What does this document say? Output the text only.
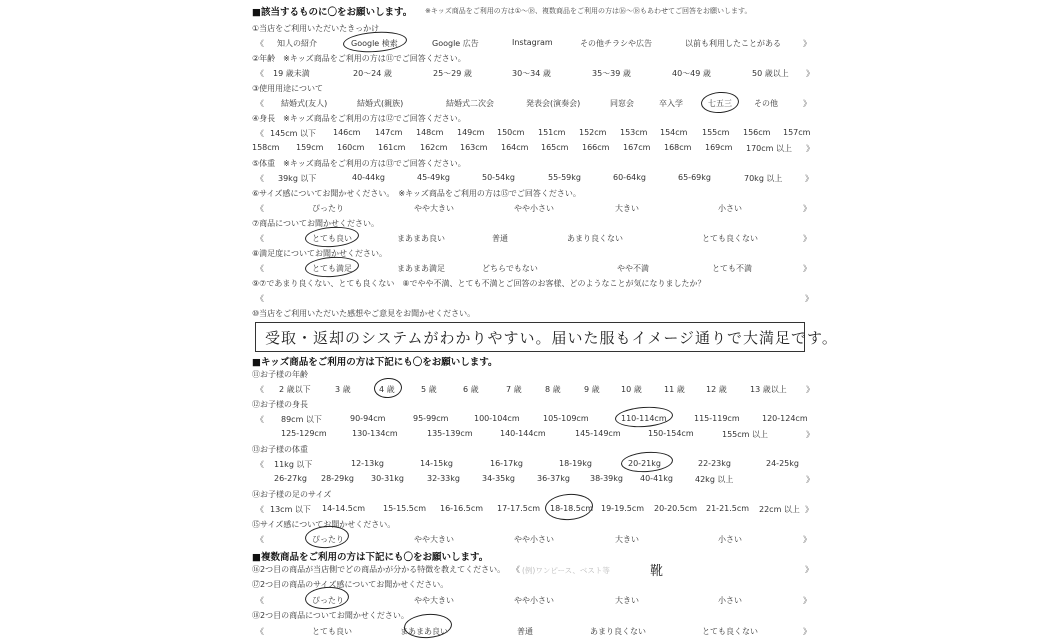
■該当するものに〇をお願いします。 ※キッズ商品をご利用の方は①〜⑱、複数商品をご利用の方は⑯〜⑱もあわせてご回答をお願いします。
①当店をご利用いただいたきっかけ
《 知人の紹介	Google 検索	Google 広告	Instagram	その他チラシや広告	以前も利用したことがある	》
②年齢　※キッズ商品をご利用の方は⑪でご回答ください。
《 19 歳未満	20〜24 歳	25〜29 歳	30〜34 歳	35〜39 歳	40〜49 歳	50 歳以上 》
③使用用途について
《 結婚式(友人)	結婚式(親族)	結婚式二次会	発表会(演奏会)	同窓会	卒入学	七五三	その他	》
④身長　※キッズ商品をご利用の方は⑫でご回答ください。
《 145cm 以下 146cm 147cm 148cm 149cm 150cm 151cm 152cm 153cm 154cm 155cm 156cm 157cm
158cm 159cm 160cm 161cm 162cm 163cm 164cm 165cm 166cm 167cm 168cm 169cm 170cm 以上 》
⑤体重　※キッズ商品をご利用の方は⑬でご回答ください。
《 39kg 以下	40-44kg	45-49kg	50-54kg	55-59kg	60-64kg	65-69kg	70kg 以上	》
⑥サイズ感についてお聞かせください。　※キッズ商品をご利用の方は⑮でご回答ください。
《	ぴったり	やや大きい	やや小さい	大きい	小さい	》
⑦商品についてお聞かせください。
《	とても良い	まあまあ良い	普通	あまり良くない	とても良くない	》
⑧満足度についてお聞かせください。
《	とても満足	まあまあ満足	どちらでもない	やや不満	とても不満	》
⑨⑦であまり良くない、とても良くない　⑧でやや不満、とても不満とご回答のお客様、どのようなことが気になりましたか？
《	》
⑩当店をご利用いただいた感想やご意見をお聞かせください。
受取・返却のシステムがわかりやすい。届いた服もイメージ通りで大満足です。
■キッズ商品をご利用の方は下記にも〇をお願いします。
⑪お子様の年齢
《 2 歳以下	3 歳	4 歳	5 歳	6 歳	7 歳	8 歳	9 歳	10 歳	11 歳	12 歳	13 歳以上 》
⑫お子様の身長
《 89cm 以下	90-94cm	95-99cm	100-104cm	105-109cm	110-114cm	115-119cm	120-124cm
125-129cm	130-134cm	135-139cm	140-144cm	145-149cm	150-154cm	155cm 以上	》
⑬お子様の体重
《 11kg 以下	12-13kg	14-15kg	16-17kg	18-19kg	20-21kg	22-23kg	24-25kg
26-27kg 28-29kg 30-31kg	32-33kg	34-35kg	36-37kg	38-39kg 40-41kg	42kg 以上	》
⑭お子様の足のサイズ
《 13cm 以下 14-14.5cm 15-15.5cm 16-16.5cm 17-17.5cm 18-18.5cm 19-19.5cm 20-20.5cm 21-21.5cm 22cm 以上 》
⑮サイズ感についてお聞かせください。
《	ぴったり	やや大きい	やや小さい	大きい	小さい	》
■複数商品をご利用の方は下記にも〇をお願いします。
⑯2つ目の商品が当店側でどの商品かが分かる特徴を教えてください。 《 (例)ワンピース、ベスト等	靴	》
⑰2つ目の商品のサイズ感についてお聞かせください。
《	ぴったり	やや大きい	やや小さい	大きい	小さい	》
⑱2つ目の商品についてお聞かせください。
《	とても良い	まあまあ良い	普通	あまり良くない	とても良くない	》
